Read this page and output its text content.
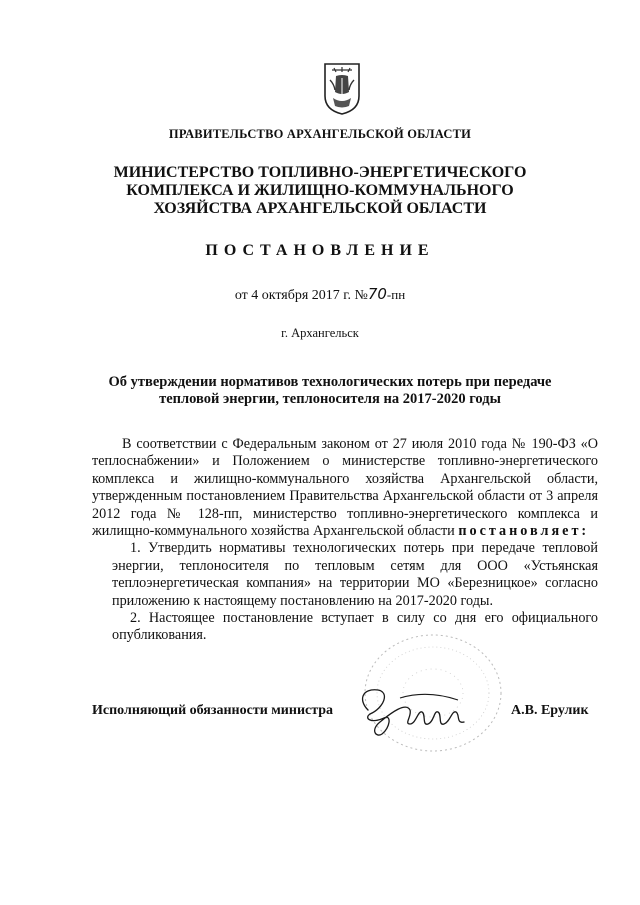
ПРАВИТЕЛЬСТВО АРХАНГЕЛЬСКОЙ ОБЛАСТИ
МИНИСТЕРСТВО ТОПЛИВНО-ЭНЕРГЕТИЧЕСКОГО
КОМПЛЕКСА И ЖИЛИЩНО-КОММУНАЛЬНОГО
ХОЗЯЙСТВА АРХАНГЕЛЬСКОЙ ОБЛАСТИ
ПОСТАНОВЛЕНИЕ
от 4 октября 2017 г. №70-пн
г. Архангельск
Об утверждении нормативов технологических потерь при передаче
тепловой энергии, теплоносителя на 2017-2020 годы

В соответствии с Федеральным законом от 27 июля 2010 года № 190-ФЗ «О теплоснабжении» и Положением о министерстве топливно-энергетического комплекса и жилищно-коммунального хозяйства Архангельской области, утвержденным постановлением Правительства Архангельской области от 3 апреля 2012 года № 128-пп, министерство топливно-энергетического комплекса и жилищно-коммунального хозяйства Архангельской области постановляет:

1. Утвердить нормативы технологических потерь при передаче тепловой энергии, теплоносителя по тепловым сетям для ООО «Устьянская теплоэнергетическая компания» на территории МО «Березницкое» согласно приложению к настоящему постановлению на 2017-2020 годы.

2. Настоящее постановление вступает в силу со дня его официального опубликования.

Исполняющий обязанности министра	А.В. Ерулик
